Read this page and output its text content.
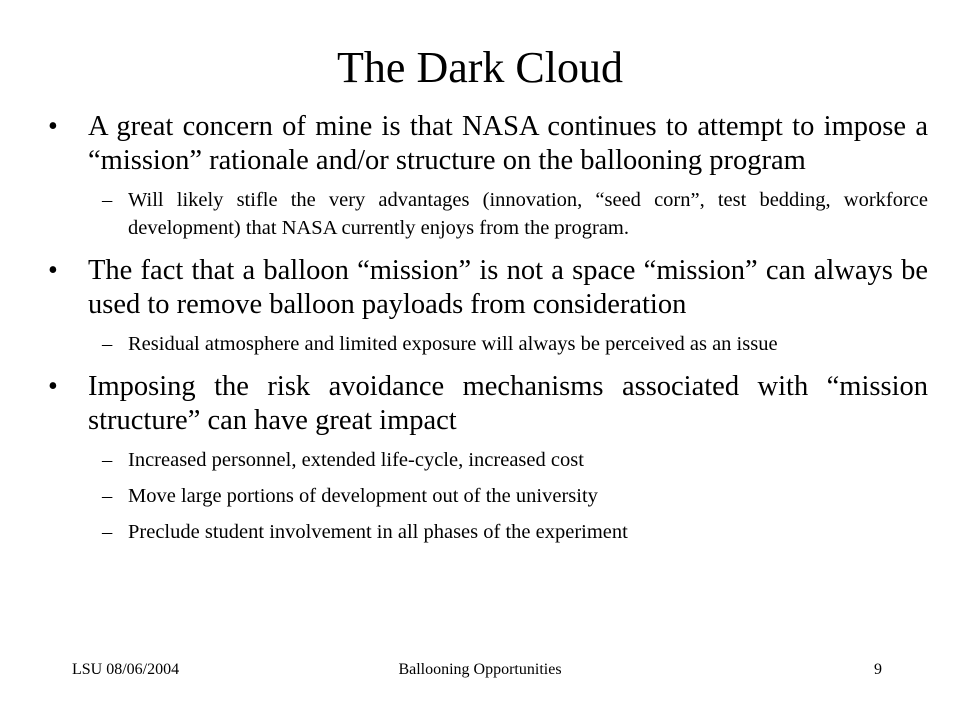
The Dark Cloud
• A great concern of mine is that NASA continues to attempt to impose a “mission” rationale and/or structure on the ballooning program
– Will likely stifle the very advantages (innovation, “seed corn”, test bedding, workforce development) that NASA currently enjoys from the program.
• The fact that a balloon “mission” is not a space “mission” can always be used to remove balloon payloads from consideration
– Residual atmosphere and limited exposure will always be perceived as an issue
• Imposing the risk avoidance mechanisms associated with “mission structure” can have great impact
– Increased personnel, extended life-cycle, increased cost
– Move large portions of development out of the university
– Preclude student involvement in all phases of the experiment
Ballooning Opportunities
LSU 08/06/2004	9
